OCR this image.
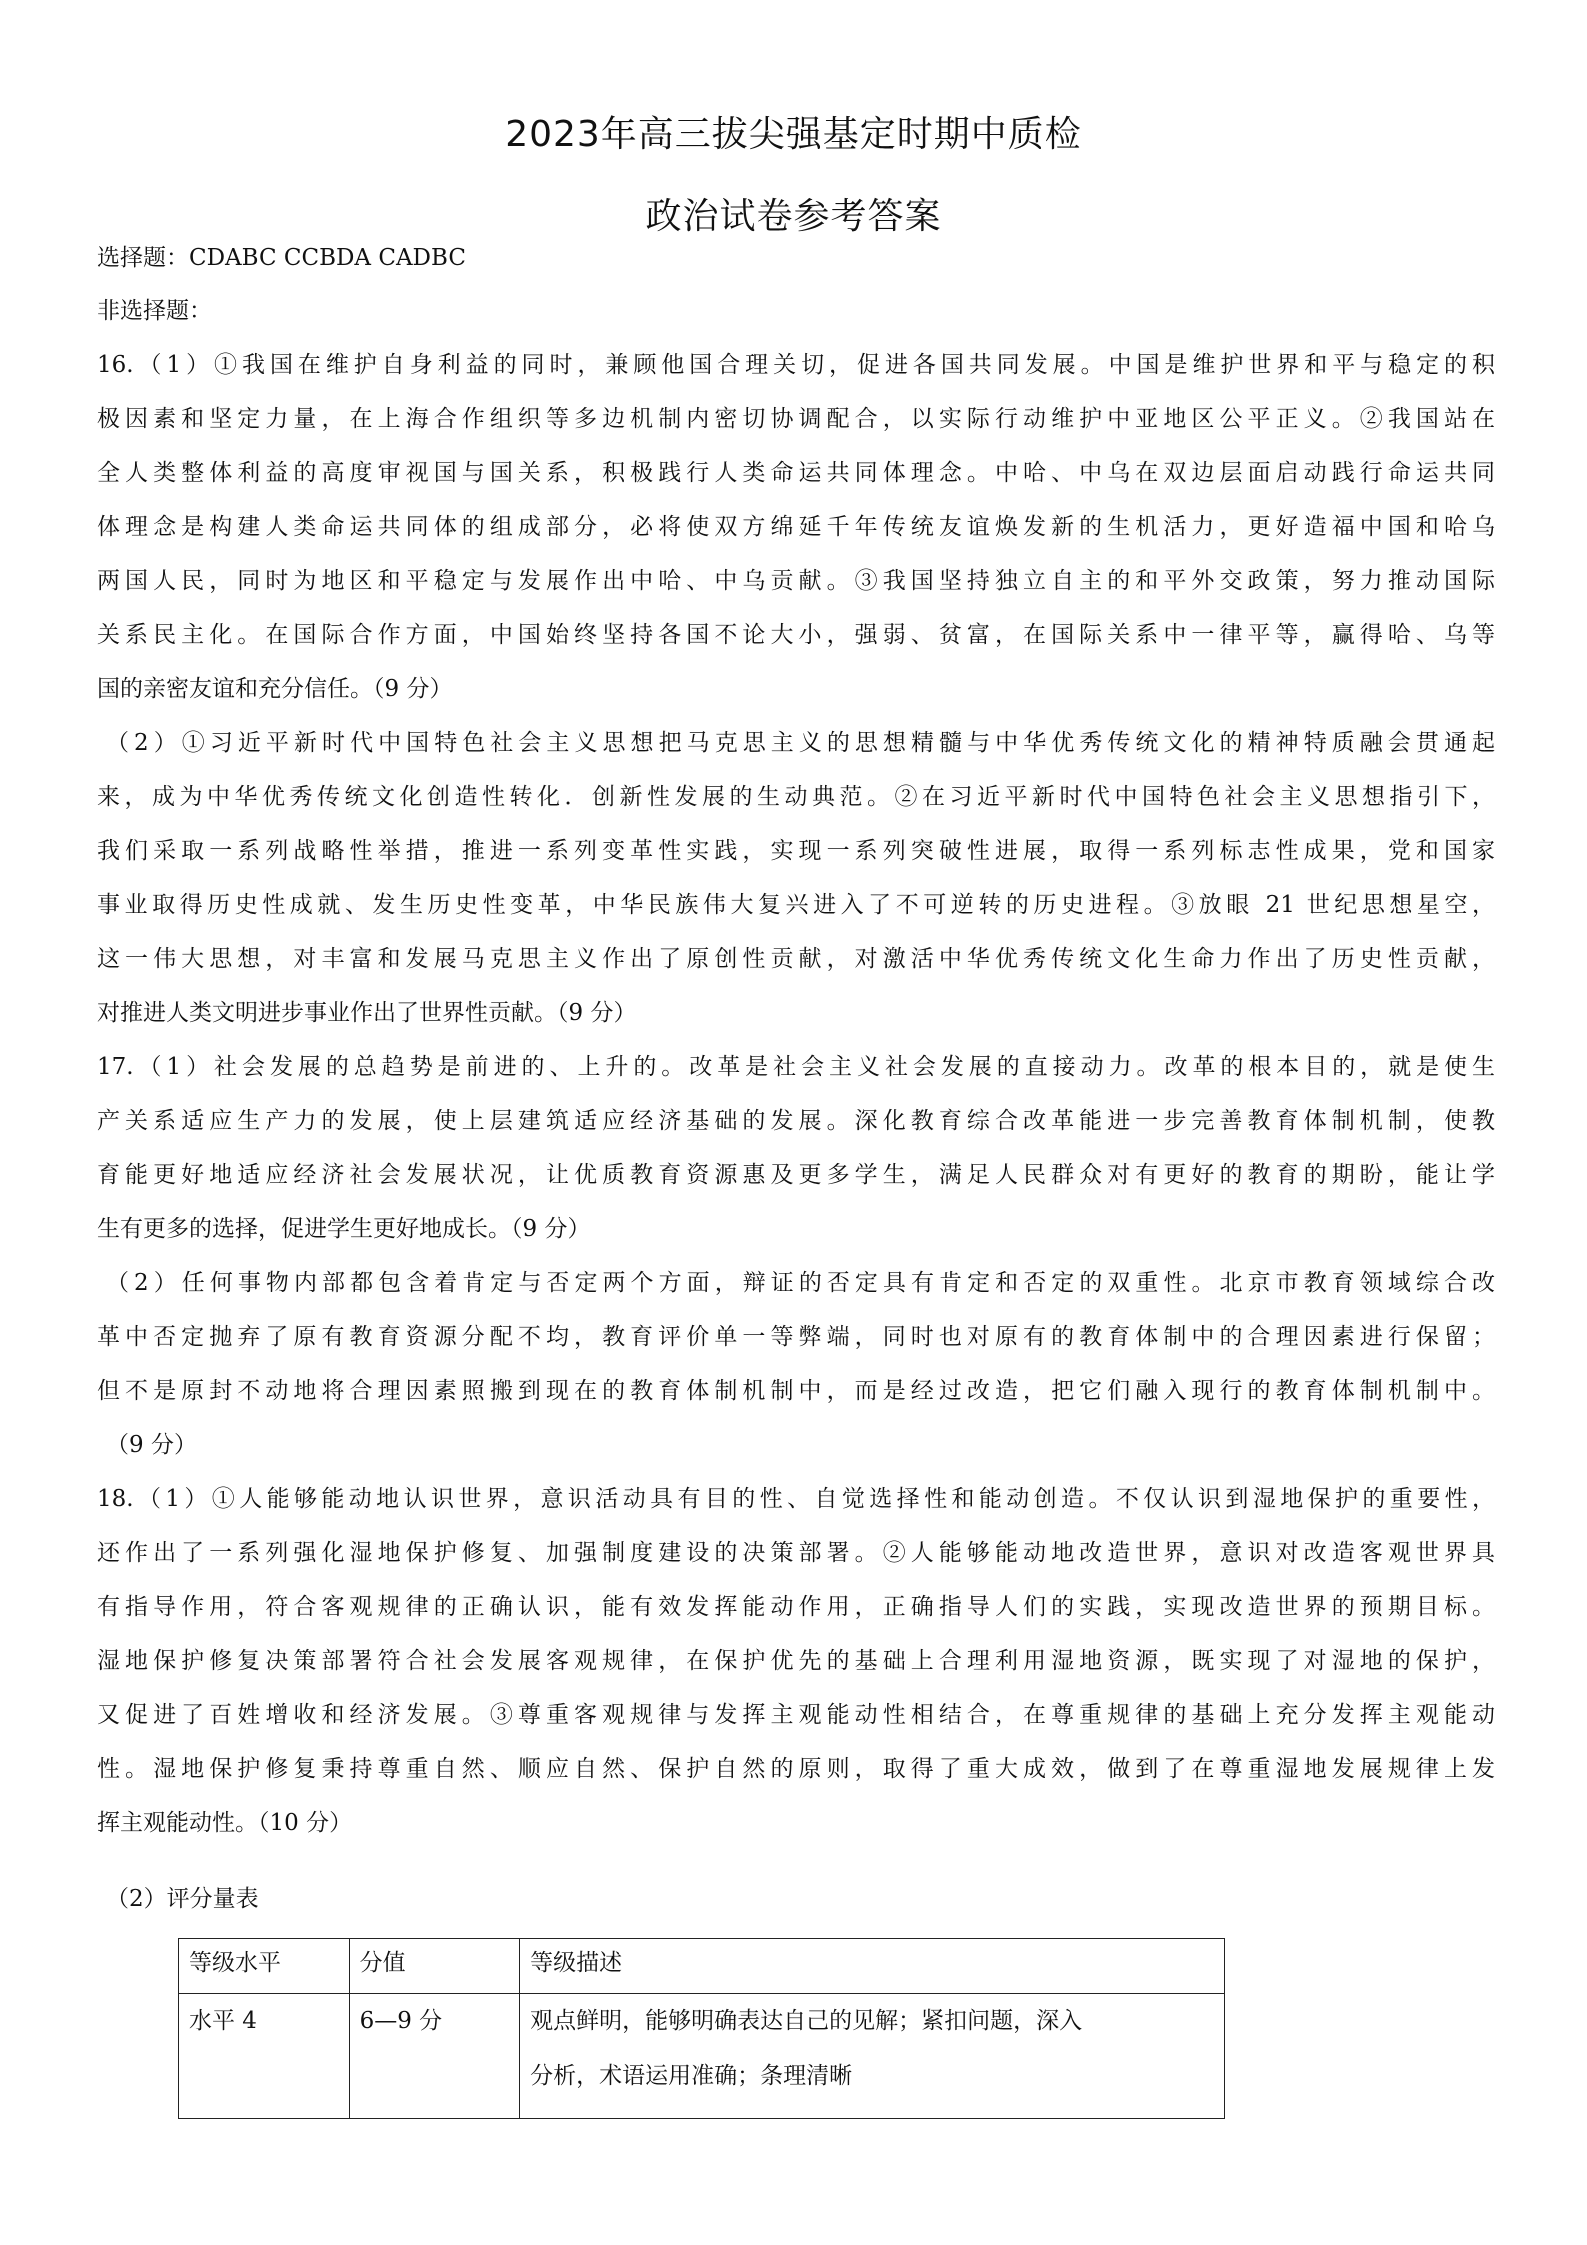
2023年高三拔尖强基定时期中质检
政治试卷参考答案
选择题：CDABC CCBDA CADBC
非选择题：
16.（1）①我国在维护自身利益的同时，兼顾他国合理关切，促进各国共同发展。中国是维护世界和平与稳定的积
极因素和坚定力量，在上海合作组织等多边机制内密切协调配合，以实际行动维护中亚地区公平正义。②我国站在
全人类整体利益的高度审视国与国关系，积极践行人类命运共同体理念。中哈、中乌在双边层面启动践行命运共同
体理念是构建人类命运共同体的组成部分，必将使双方绵延千年传统友谊焕发新的生机活力，更好造福中国和哈乌
两国人民，同时为地区和平稳定与发展作出中哈、中乌贡献。③我国坚持独立自主的和平外交政策，努力推动国际
关系民主化。在国际合作方面，中国始终坚持各国不论大小，强弱、贫富，在国际关系中一律平等，赢得哈、乌等
国的亲密友谊和充分信任。（9 分）
（2）①习近平新时代中国特色社会主义思想把马克思主义的思想精髓与中华优秀传统文化的精神特质融会贯通起
来，成为中华优秀传统文化创造性转化．创新性发展的生动典范。②在习近平新时代中国特色社会主义思想指引下，
我们采取一系列战略性举措，推进一系列变革性实践，实现一系列突破性进展，取得一系列标志性成果，党和国家
事业取得历史性成就、发生历史性变革，中华民族伟大复兴进入了不可逆转的历史进程。③放眼 21 世纪思想星空，
这一伟大思想，对丰富和发展马克思主义作出了原创性贡献，对激活中华优秀传统文化生命力作出了历史性贡献，
对推进人类文明进步事业作出了世界性贡献。（9 分）
17.（1）社会发展的总趋势是前进的、上升的。改革是社会主义社会发展的直接动力。改革的根本目的，就是使生
产关系适应生产力的发展，使上层建筑适应经济基础的发展。深化教育综合改革能进一步完善教育体制机制，使教
育能更好地适应经济社会发展状况，让优质教育资源惠及更多学生，满足人民群众对有更好的教育的期盼，能让学
生有更多的选择，促进学生更好地成长。（9 分）
（2）任何事物内部都包含着肯定与否定两个方面，辩证的否定具有肯定和否定的双重性。北京市教育领域综合改
革中否定抛弃了原有教育资源分配不均，教育评价单一等弊端，同时也对原有的教育体制中的合理因素进行保留；
但不是原封不动地将合理因素照搬到现在的教育体制机制中，而是经过改造，把它们融入现行的教育体制机制中。
（9 分）
18.（1）①人能够能动地认识世界，意识活动具有目的性、自觉选择性和能动创造。不仅认识到湿地保护的重要性，
还作出了一系列强化湿地保护修复、加强制度建设的决策部署。②人能够能动地改造世界，意识对改造客观世界具
有指导作用，符合客观规律的正确认识，能有效发挥能动作用，正确指导人们的实践，实现改造世界的预期目标。
湿地保护修复决策部署符合社会发展客观规律，在保护优先的基础上合理利用湿地资源，既实现了对湿地的保护，
又促进了百姓增收和经济发展。③尊重客观规律与发挥主观能动性相结合，在尊重规律的基础上充分发挥主观能动
性。湿地保护修复秉持尊重自然、顺应自然、保护自然的原则，取得了重大成效，做到了在尊重湿地发展规律上发
挥主观能动性。（10 分）
（2）评分量表
等级水平	分值	等级描述
水平 4	6—9 分	观点鲜明，能够明确表达自己的见解；紧扣问题，深入
分析，术语运用准确；条理清晰
